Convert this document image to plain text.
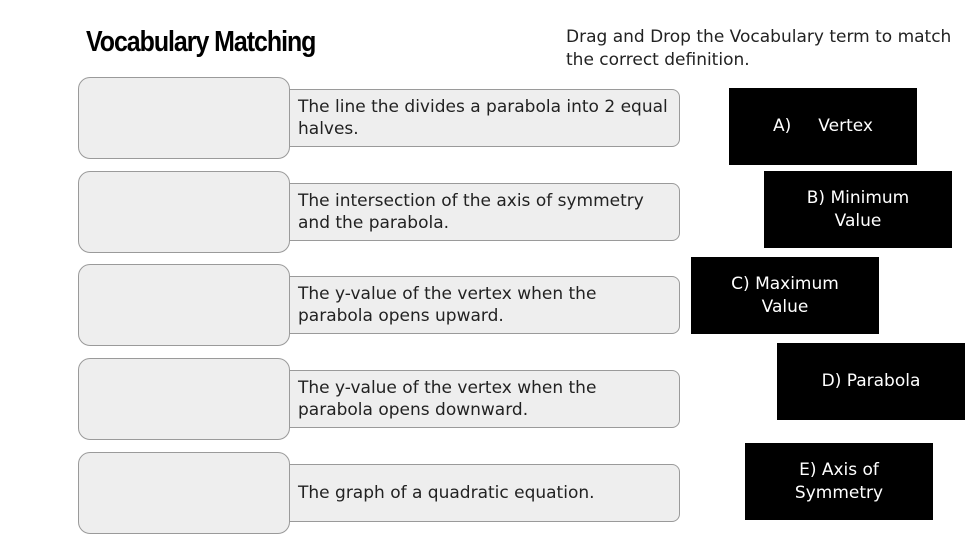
Vocabulary Matching	Drag and Drop the Vocabulary term to match the correct definition.
The line the divides a parabola into 2 equal halves.
The intersection of the axis of symmetry and the parabola.
The y-value of the vertex when the parabola opens upward.
The y-value of the vertex when the parabola opens downward.
The graph of a quadratic equation.
A)     Vertex
B) Minimum Value
C) Maximum Value
D) Parabola
E) Axis of Symmetry
